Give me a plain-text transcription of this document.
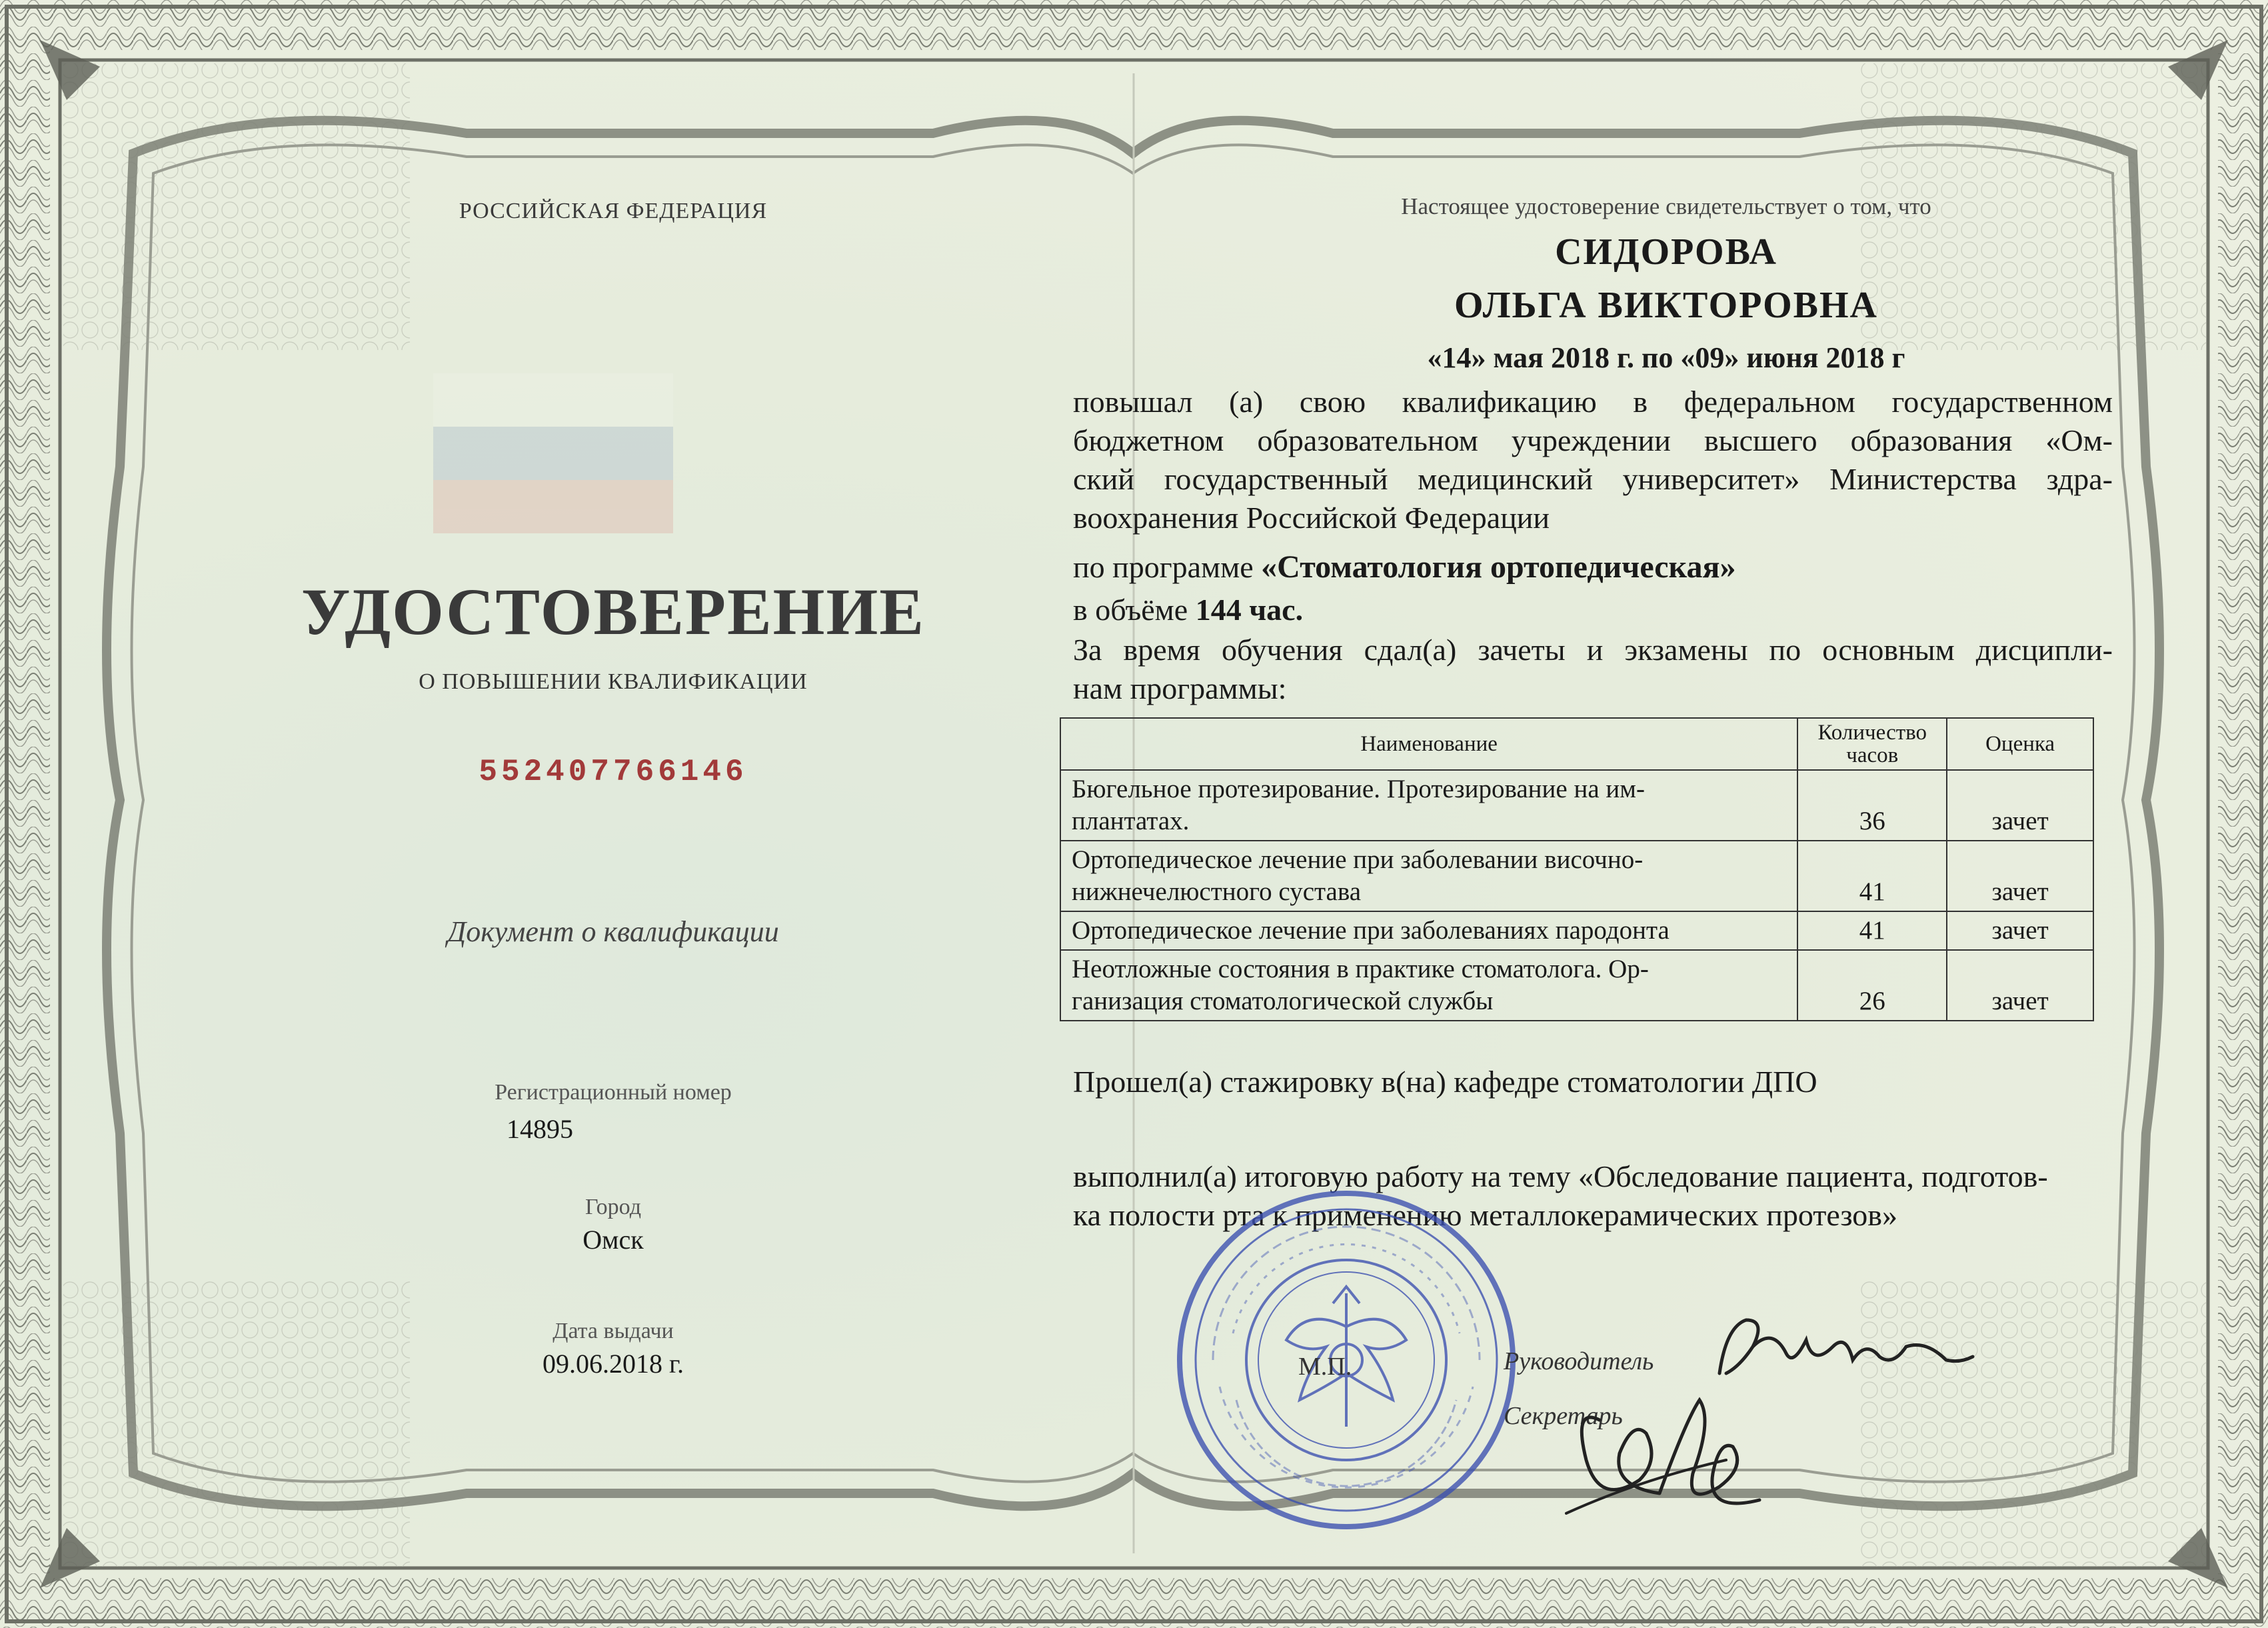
РОССИЙСКАЯ ФЕДЕРАЦИЯ
УДОСТОВЕРЕНИЕ
О ПОВЫШЕНИИ КВАЛИФИКАЦИИ
552407766146
Документ о квалификации
Регистрационный номер
14895
Город
Омск
Дата выдачи
09.06.2018 г.
Настоящее удостоверение свидетельствует о том, что
СИДОРОВА
ОЛЬГА ВИКТОРОВНА
«14» мая 2018 г. по «09» июня 2018 г
повышал (а) свою квалификацию в федеральном государственном
бюджетном образовательном учреждении высшего образования «Ом-
ский государственный медицинский университет» Министерства здра-
воохранения Российской Федерации
по программе «Стоматология ортопедическая»
в объёме 144 час.
За время обучения сдал(а) зачеты и экзамены по основным дисципли-
нам программы:
Наименование	Количество часов	Оценка

Бюгельное протезирование. Протезирование на им-
плантатах.	36	зачет

Ортопедическое лечение при заболевании височно-
нижнечелюстного сустава	41	зачет

Ортопедическое лечение при заболеваниях пародонта	41	зачет

Неотложные состояния в практике стоматолога. Ор-
ганизация стоматологической службы	26	зачет
Прошел(а) стажировку в(на) кафедре стоматологии ДПО
выполнил(а) итоговую работу на тему «Обследование пациента, подготов-
ка полости рта к применению металлокерамических протезов»
М.П.	Руководитель
Секретарь
